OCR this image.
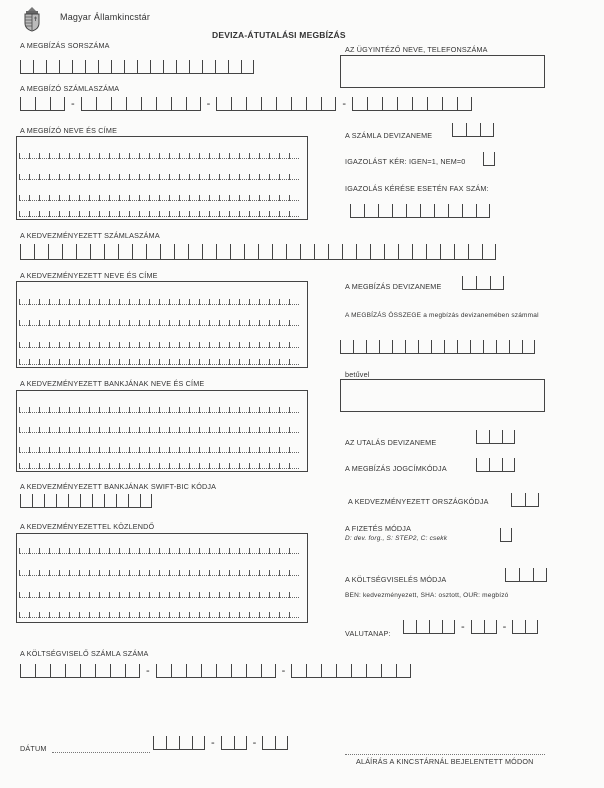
Magyar Államkincstár
DEVIZA-ÁTUTALÁSI MEGBÍZÁS
A MEGBÍZÁS SORSZÁMA	AZ ÜGYINTÉZŐ NEVE, TELEFONSZÁMA
A MEGBÍZÓ SZÁMLASZÁMA
-	-	-
A MEGBÍZÓ NEVE ÉS CÍME
A SZÁMLA DEVIZANEME
IGAZOLÁST KÉR: IGEN=1, NEM=0
IGAZOLÁS KÉRÉSE ESETÉN FAX SZÁM:
A KEDVEZMÉNYEZETT SZÁMLASZÁMA
A KEDVEZMÉNYEZETT NEVE ÉS CÍME
A MEGBÍZÁS DEVIZANEME
A MEGBÍZÁS ÖSSZEGE a megbízás devizanemében számmal
betűvel
A KEDVEZMÉNYEZETT BANKJÁNAK NEVE ÉS CÍME
AZ UTALÁS DEVIZANEME
A MEGBÍZÁS JOGCÍMKÓDJA
A KEDVEZMÉNYEZETT BANKJÁNAK SWIFT-BIC KÓDJA
A KEDVEZMÉNYEZETT ORSZÁGKÓDJA
A KEDVEZMÉNYEZETTEL KÖZLENDŐ	A FIZETÉS MÓDJA
D: dev. forg., S: STEP2, C: csekk
A KÖLTSÉGVISELÉS MÓDJA
BEN: kedvezményezett, SHA: osztott, OUR: megbízó
VALUTANAP:
-	-
A KÖLTSÉGVISELŐ SZÁMLA SZÁMA
-	-
DÁTUM	-	-
ALÁÍRÁS A KINCSTÁRNÁL BEJELENTETT MÓDON
